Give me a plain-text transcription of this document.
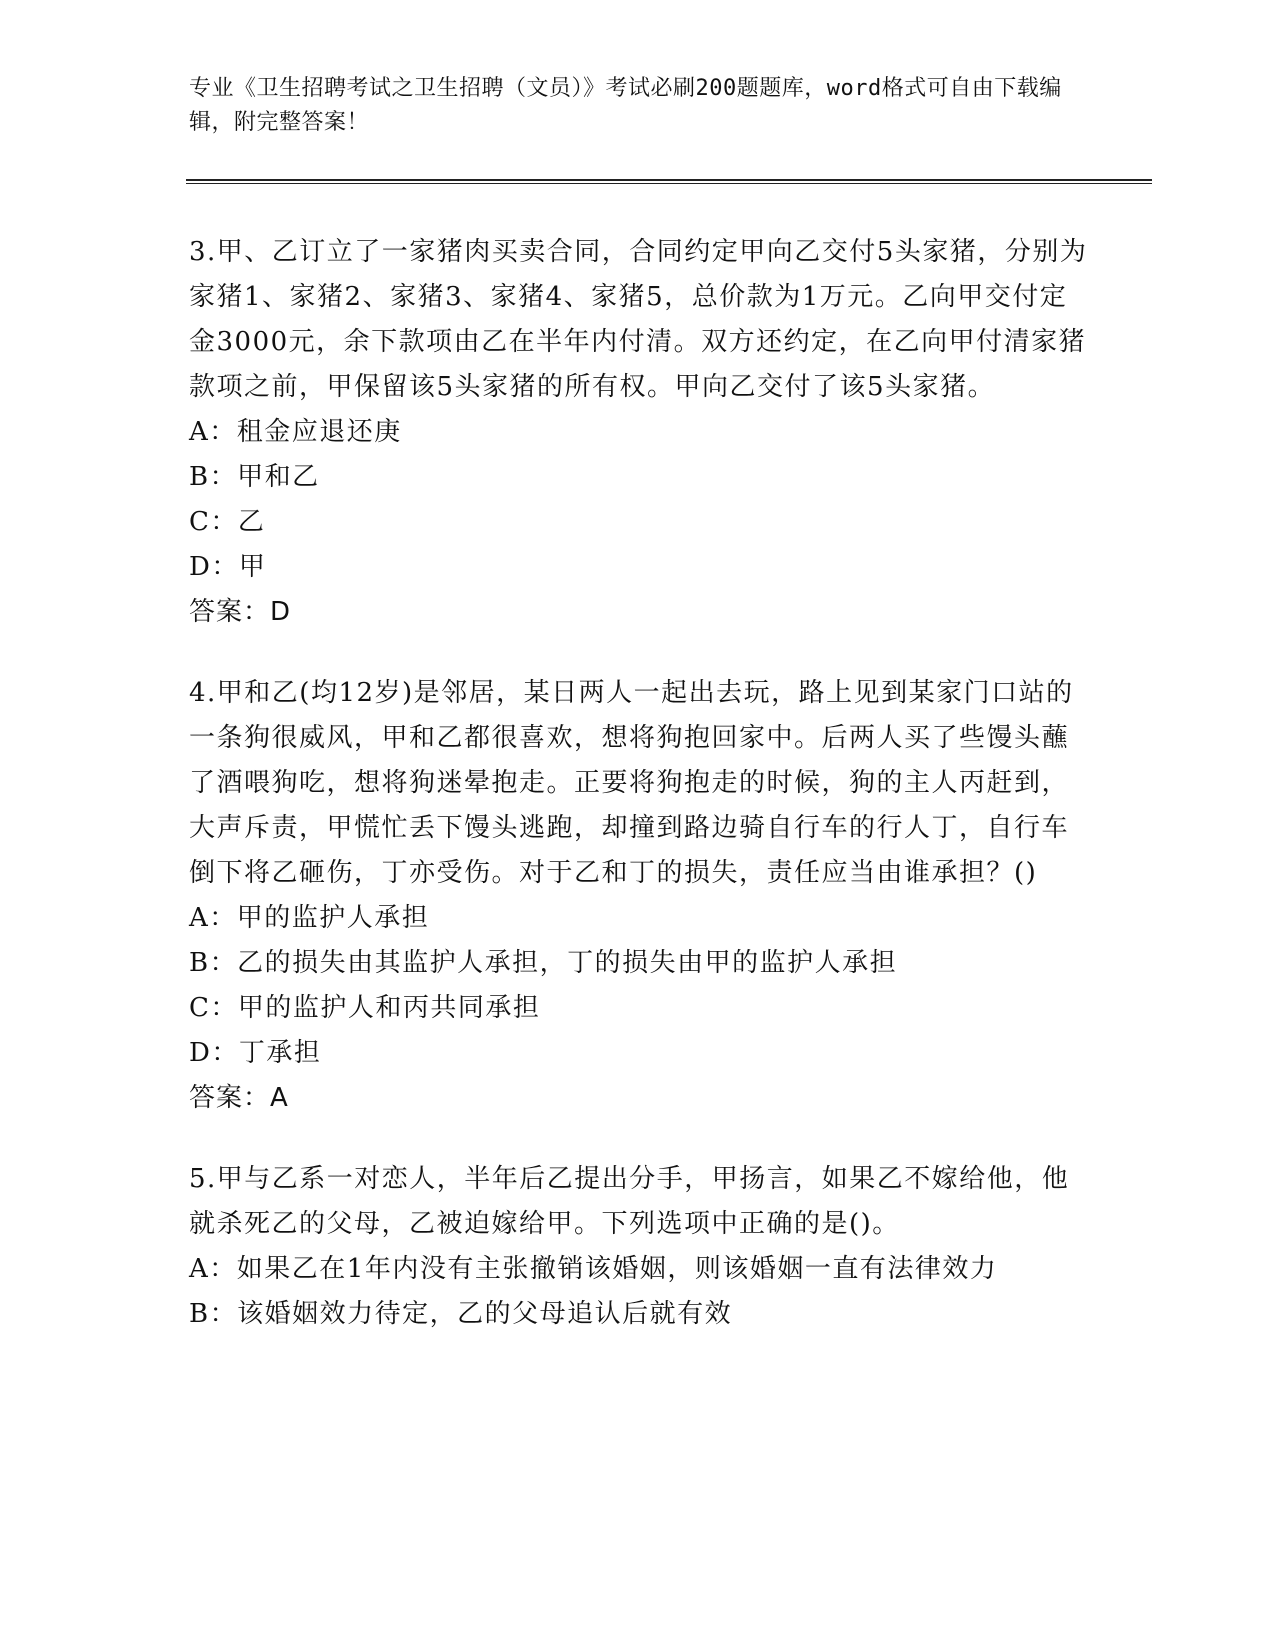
专业《卫生招聘考试之卫生招聘（文员）》考试必刷200题题库，word格式可自由下载编辑，附完整答案！

3.甲、乙订立了一家猪肉买卖合同，合同约定甲向乙交付5头家猪，分别为家猪1、家猪2、家猪3、家猪4、家猪5，总价款为1万元。乙向甲交付定金3000元，余下款项由乙在半年内付清。双方还约定，在乙向甲付清家猪款项之前，甲保留该5头家猪的所有权。甲向乙交付了该5头家猪。

A：租金应退还庚

B：甲和乙

C：乙

D：甲

答案：D

4.甲和乙(均12岁)是邻居，某日两人一起出去玩，路上见到某家门口站的一条狗很威风，甲和乙都很喜欢，想将狗抱回家中。后两人买了些馒头蘸了酒喂狗吃，想将狗迷晕抱走。正要将狗抱走的时候，狗的主人丙赶到，大声斥责，甲慌忙丢下馒头逃跑，却撞到路边骑自行车的行人丁，自行车倒下将乙砸伤，丁亦受伤。对于乙和丁的损失，责任应当由谁承担？()

A：甲的监护人承担

B：乙的损失由其监护人承担，丁的损失由甲的监护人承担

C：甲的监护人和丙共同承担

D：丁承担

答案：A

5.甲与乙系一对恋人，半年后乙提出分手，甲扬言，如果乙不嫁给他，他就杀死乙的父母，乙被迫嫁给甲。下列选项中正确的是()。

A：如果乙在1年内没有主张撤销该婚姻，则该婚姻一直有法律效力

B：该婚姻效力待定，乙的父母追认后就有效
